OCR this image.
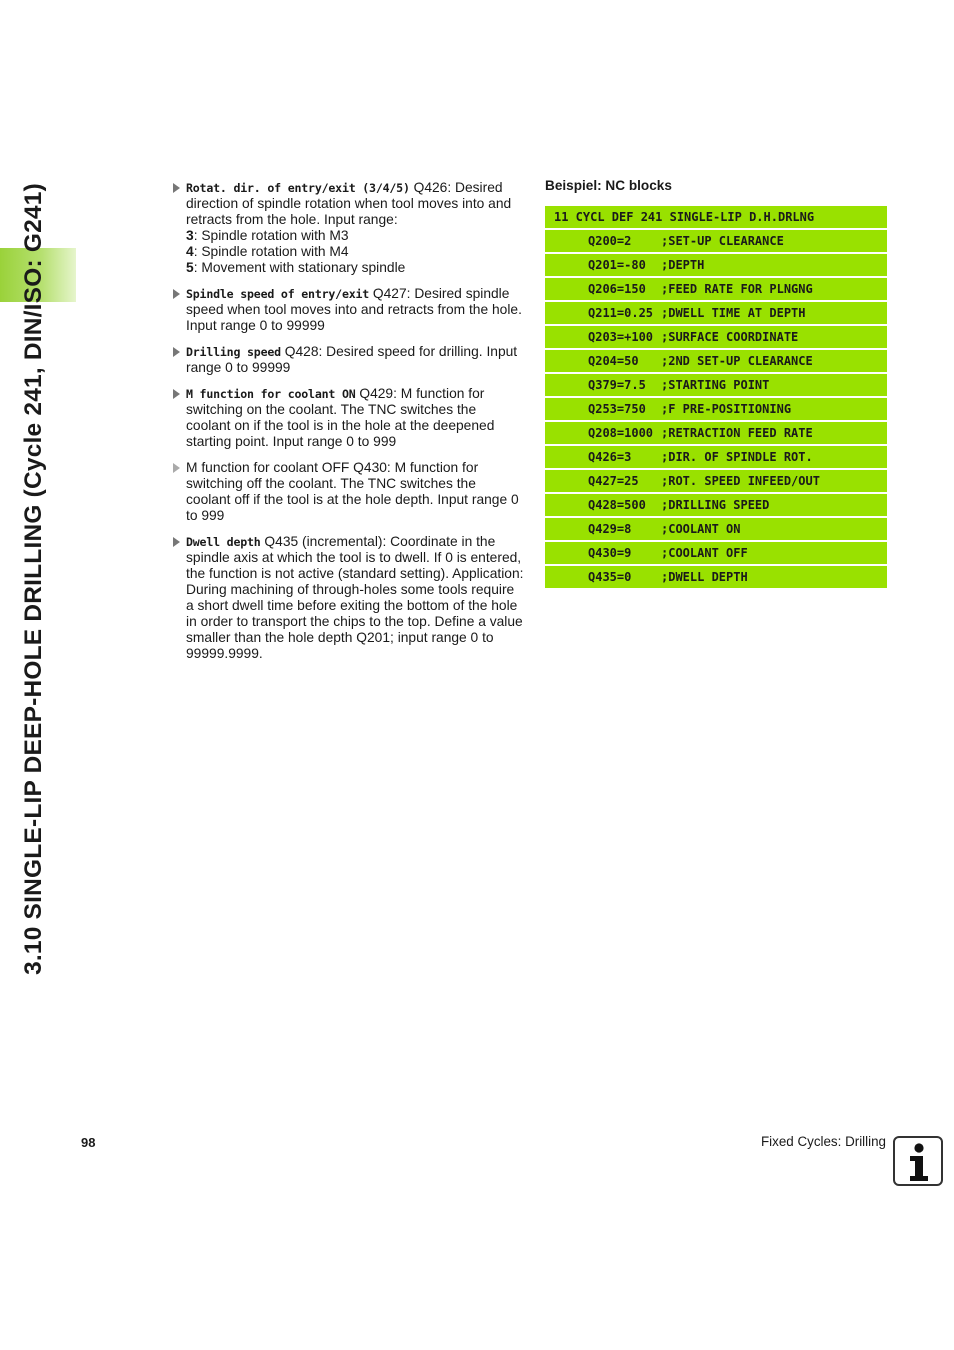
3.10 SINGLE-LIP DEEP-HOLE DRILLING (Cycle 241, DIN/ISO: G241)	Rotat. dir. of entry/exit (3/4/5) Q426: Desired direction of spindle rotation when tool moves into and retracts from the hole. Input range:

3: Spindle rotation with M3

4: Spindle rotation with M4

5: Movement with stationary spindle

Spindle speed of entry/exit Q427: Desired spindle speed when tool moves into and retracts from the hole. Input range 0 to 99999

Drilling speed Q428: Desired speed for drilling. Input range 0 to 99999

M function for coolant ON Q429: M function for switching on the coolant. The TNC switches the coolant on if the tool is in the hole at the deepened starting point. Input range 0 to 999

M function for coolant OFF Q430: M function for switching off the coolant. The TNC switches the coolant off if the tool is at the hole depth. Input range 0 to 999

Dwell depth Q435 (incremental): Coordinate in the spindle axis at which the tool is to dwell. If 0 is entered, the function is not active (standard setting). Application: During machining of through-holes some tools require a short dwell time before exiting the bottom of the hole in order to transport the chips to the top. Define a value smaller than the hole depth Q201; input range 0 to 99999.9999.

Beispiel: NC blocks

11 CYCL DEF 241 SINGLE-LIP D.H.DRLNG

Q200=2 ;SET-UP CLEARANCE
Q201=-80 ;DEPTH
Q206=150 ;FEED RATE FOR PLNGNG
Q211=0.25 ;DWELL TIME AT DEPTH
Q203=+100 ;SURFACE COORDINATE
Q204=50 ;2ND SET-UP CLEARANCE
Q379=7.5 ;STARTING POINT
Q253=750 ;F PRE-POSITIONING
Q208=1000 ;RETRACTION FEED RATE
Q426=3 ;DIR. OF SPINDLE ROT.
Q427=25 ;ROT. SPEED INFEED/OUT
Q428=500 ;DRILLING SPEED
Q429=8 ;COOLANT ON
Q430=9 ;COOLANT OFF
Q435=0 ;DWELL DEPTH
98	Fixed Cycles: Drilling
